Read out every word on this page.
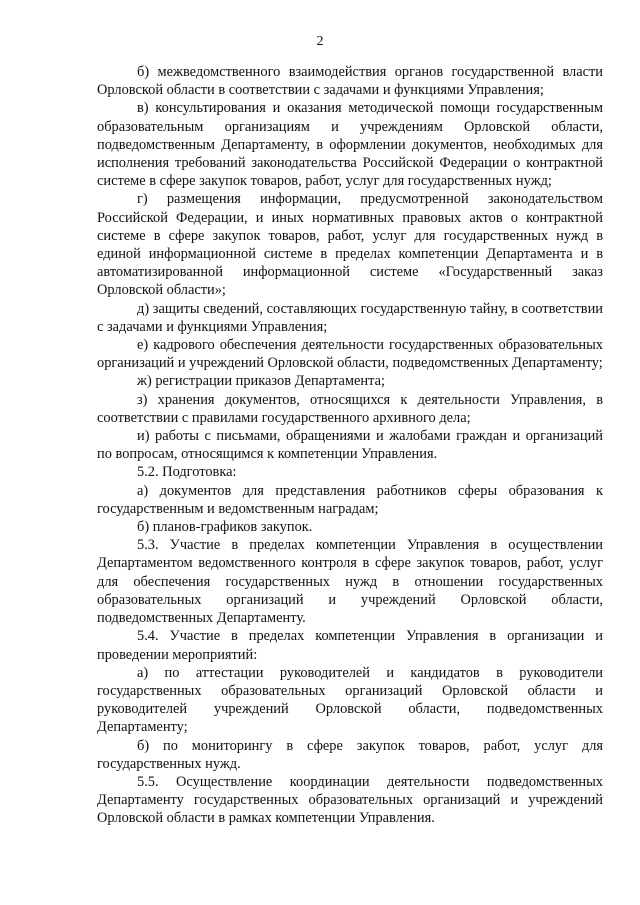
2

б) межведомственного взаимодействия органов государственной власти Орловской области в соответствии с задачами и функциями Управления;

в) консультирования и оказания методической помощи государственным образовательным организациям и учреждениям Орловской области, подведомственным Департаменту, в оформлении документов, необходимых для исполнения требований законодательства Российской Федерации о контрактной системе в сфере закупок товаров, работ, услуг для государственных нужд;

г) размещения информации, предусмотренной законодательством Российской Федерации, и иных нормативных правовых актов о контрактной системе в сфере закупок товаров, работ, услуг для государственных нужд в единой информационной системе в пределах компетенции Департамента и в автоматизированной информационной системе «Государственный заказ Орловской области»;

д) защиты сведений, составляющих государственную тайну, в соответствии с задачами и функциями Управления;

е) кадрового обеспечения деятельности государственных образовательных организаций и учреждений Орловской области, подведомственных Департаменту;

ж) регистрации приказов Департамента;

з) хранения документов, относящихся к деятельности Управления, в соответствии с правилами государственного архивного дела;

и) работы с письмами, обращениями и жалобами граждан и организаций по вопросам, относящимся к компетенции Управления.

5.2. Подготовка:

а) документов для представления работников сферы образования к государственным и ведомственным наградам;

б) планов-графиков закупок.

5.3. Участие в пределах компетенции Управления в осуществлении Департаментом ведомственного контроля в сфере закупок товаров, работ, услуг для обеспечения государственных нужд в отношении государственных образовательных организаций и учреждений Орловской области, подведомственных Департаменту.

5.4. Участие в пределах компетенции Управления в организации и проведении мероприятий:

а) по аттестации руководителей и кандидатов в руководители государственных образовательных организаций Орловской области и руководителей учреждений Орловской области, подведомственных Департаменту;

б) по мониторингу в сфере закупок товаров, работ, услуг для государственных нужд.

5.5. Осуществление координации деятельности подведомственных Департаменту государственных образовательных организаций и учреждений Орловской области в рамках компетенции Управления.
